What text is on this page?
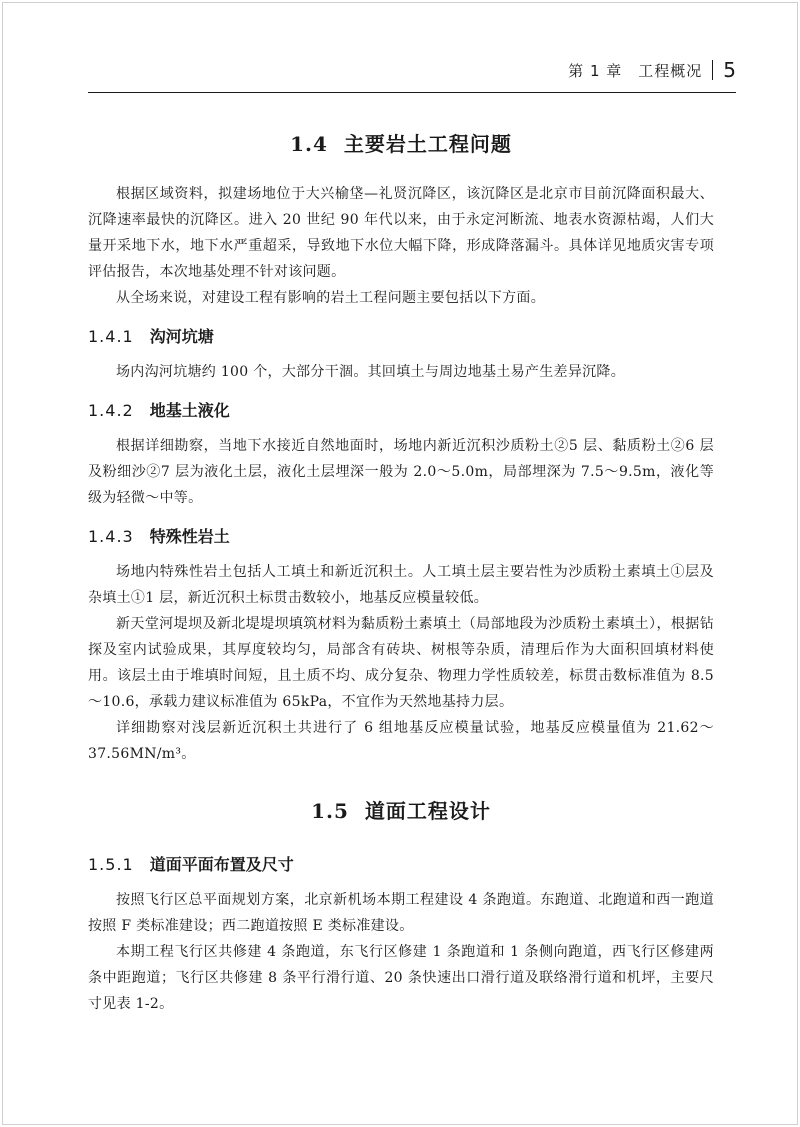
第 1 章　工程概况 5
1.4 主要岩土工程问题

根据区域资料，拟建场地位于大兴榆垡—礼贤沉降区，该沉降区是北京市目前沉降面积最大、沉降速率最快的沉降区。进入 20 世纪 90 年代以来，由于永定河断流、地表水资源枯竭，人们大量开采地下水，地下水严重超采，导致地下水位大幅下降，形成降落漏斗。具体详见地质灾害专项评估报告，本次地基处理不针对该问题。

从全场来说，对建设工程有影响的岩土工程问题主要包括以下方面。

1.4.1 沟河坑塘

场内沟河坑塘约 100 个，大部分干涸。其回填土与周边地基土易产生差异沉降。

1.4.2 地基土液化

根据详细勘察，当地下水接近自然地面时，场地内新近沉积沙质粉土②5 层、黏质粉土②6 层及粉细沙②7 层为液化土层，液化土层埋深一般为 2.0～5.0m，局部埋深为 7.5～9.5m，液化等级为轻微～中等。

1.4.3 特殊性岩土

场地内特殊性岩土包括人工填土和新近沉积土。人工填土层主要岩性为沙质粉土素填土①层及杂填土①1 层，新近沉积土标贯击数较小，地基反应模量较低。

新天堂河堤坝及新北堤堤坝填筑材料为黏质粉土素填土（局部地段为沙质粉土素填土），根据钻探及室内试验成果，其厚度较均匀，局部含有砖块、树根等杂质，清理后作为大面积回填材料使用。该层土由于堆填时间短，且土质不均、成分复杂、物理力学性质较差，标贯击数标准值为 8.5～10.6，承载力建议标准值为 65kPa，不宜作为天然地基持力层。

详细勘察对浅层新近沉积土共进行了 6 组地基反应模量试验，地基反应模量值为 21.62～37.56MN/m³。

1.5 道面工程设计
1.5.1 道面平面布置及尺寸

按照飞行区总平面规划方案，北京新机场本期工程建设 4 条跑道。东跑道、北跑道和西一跑道按照 F 类标准建设；西二跑道按照 E 类标准建设。

本期工程飞行区共修建 4 条跑道，东飞行区修建 1 条跑道和 1 条侧向跑道，西飞行区修建两条中距跑道；飞行区共修建 8 条平行滑行道、20 条快速出口滑行道及联络滑行道和机坪，主要尺寸见表 1-2。
